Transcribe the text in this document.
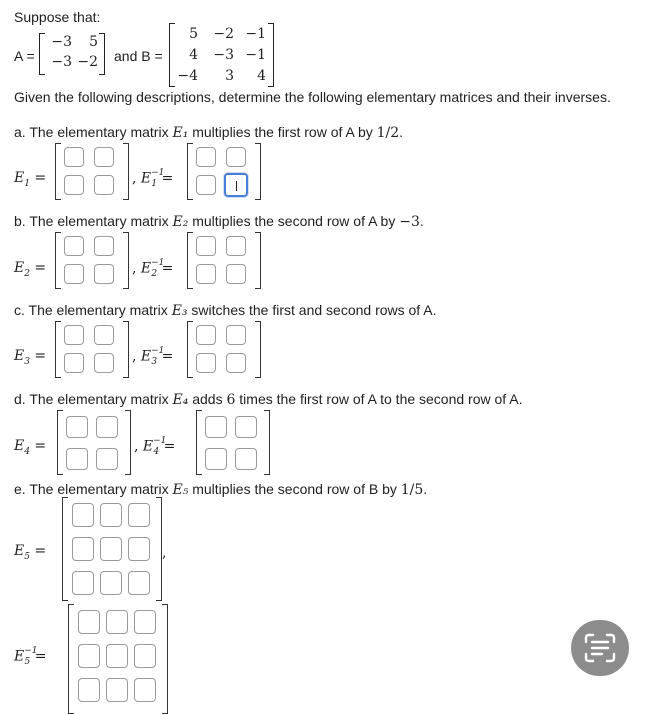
Suppose that:
A =
−3	5
−3 −2 and B =
5	−2 −1
4	−3 −1
−4	3	4
Given the following descriptions, determine the following elementary matrices and their inverses.
a. The elementary matrix E₁ multiplies the first row of A by 1/2.
$E_1$ =	, $E^{-1}_1$ =
b. The elementary matrix E₂ multiplies the second row of A by −3.
$E_2$ =	, $E^{-1}_2$ =
c. The elementary matrix E₃ switches the first and second rows of A.
$E_3$ =	, $E^{-1}_3$ =
d. The elementary matrix E₄ adds 6 times the first row of A to the second row of A.
$E_4$ =	, $E^{-1}_4$ =
e. The elementary matrix E₅ multiplies the second row of B by 1/5.
$E_5$ =	,
$E^{-1}_5$ =
